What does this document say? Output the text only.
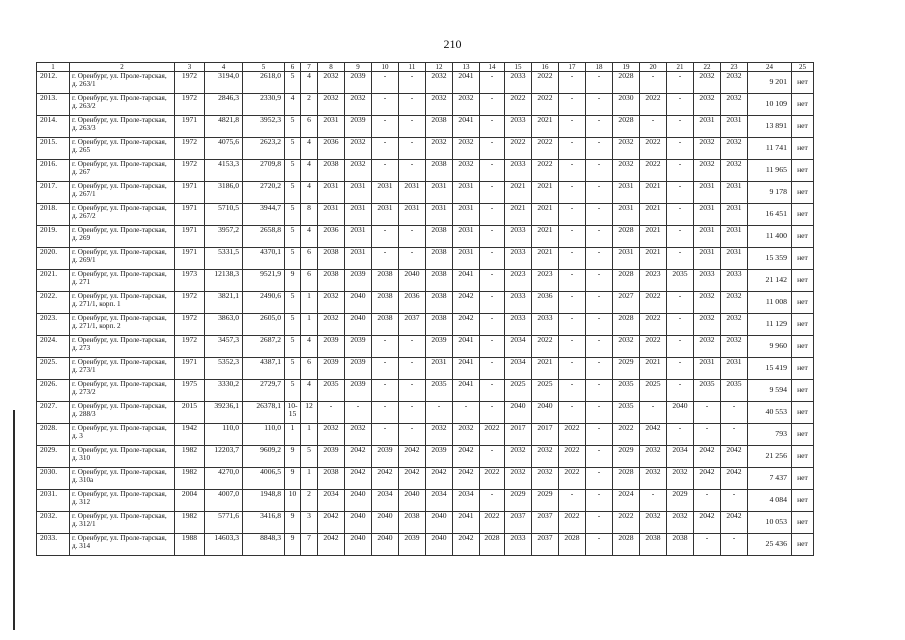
210
1	2	3	4	5	6	7	8	9	10	11	12	13	14	15	16	17	18	19	20	21	22	23	24	25
2012.	г. Оренбург, ул. Проле-тарская, д. 263/1	1972	3194,0	2618,0	5	4	2032	2039	-	-	2032	2041	-	2033	2022	-	-	2028	-	-	2032	2032	9 201	нет
2013.	г. Оренбург, ул. Проле-тарская, д. 263/2	1972	2846,3	2330,9	4	2	2032	2032	-	-	2032	2032	-	2022	2022	-	-	2030	2022	-	2032	2032	10 109	нет
2014.	г. Оренбург, ул. Проле-тарская, д. 263/3	1971	4821,8	3952,3	5	6	2031	2039	-	-	2038	2041	-	2033	2021	-	-	2028	-	-	2031	2031	13 891	нет
2015.	г. Оренбург, ул. Проле-тарская, д. 265	1972	4075,6	2623,2	5	4	2036	2032	-	-	2032	2032	-	2022	2022	-	-	2032	2022	-	2032	2032	11 741	нет
2016.	г. Оренбург, ул. Проле-тарская, д. 267	1972	4153,3	2709,8	5	4	2038	2032	-	-	2038	2032	-	2033	2022	-	-	2032	2022	-	2032	2032	11 965	нет
2017.	г. Оренбург, ул. Проле-тарская, д. 267/1	1971	3186,0	2720,2	5	4	2031	2031	2031	2031	2031	2031	-	2021	2021	-	-	2031	2021	-	2031	2031	9 178	нет
2018.	г. Оренбург, ул. Проле-тарская, д. 267/2	1971	5710,5	3944,7	5	8	2031	2031	2031	2031	2031	2031	-	2021	2021	-	-	2031	2021	-	2031	2031	16 451	нет
2019.	г. Оренбург, ул. Проле-тарская, д. 269	1971	3957,2	2658,8	5	4	2036	2031	-	-	2038	2031	-	2033	2021	-	-	2028	2021	-	2031	2031	11 400	нет
2020.	г. Оренбург, ул. Проле-тарская, д. 269/1	1971	5331,5	4370,1	5	6	2038	2031	-	-	2038	2031	-	2033	2021	-	-	2031	2021	-	2031	2031	15 359	нет
2021.	г. Оренбург, ул. Проле-тарская, д. 271	1973	12138,3	9521,9	9	6	2038	2039	2038	2040	2038	2041	-	2023	2023	-	-	2028	2023	2035	2033	2033	21 142	нет
2022.	г. Оренбург, ул. Проле-тарская, д. 271/1, корп. 1	1972	3821,1	2490,6	5	1	2032	2040	2038	2036	2038	2042	-	2033	2036	-	-	2027	2022	-	2032	2032	11 008	нет
2023.	г. Оренбург, ул. Проле-тарская, д. 271/1, корп. 2	1972	3863,0	2605,0	5	1	2032	2040	2038	2037	2038	2042	-	2033	2033	-	-	2028	2022	-	2032	2032	11 129	нет
2024.	г. Оренбург, ул. Проле-тарская, д. 273	1972	3457,3	2687,2	5	4	2039	2039	-	-	2039	2041	-	2034	2022	-	-	2032	2022	-	2032	2032	9 960	нет
2025.	г. Оренбург, ул. Проле-тарская, д. 273/1	1971	5352,3	4387,1	5	6	2039	2039	-	-	2031	2041	-	2034	2021	-	-	2029	2021	-	2031	2031	15 419	нет
2026.	г. Оренбург, ул. Проле-тарская, д. 273/2	1975	3330,2	2729,7	5	4	2035	2039	-	-	2035	2041	-	2025	2025	-	-	2035	2025	-	2035	2035	9 594	нет
2027.	г. Оренбург, ул. Проле-тарская, д. 288/3	2015	39236,1	26378,1	10-15	12	-	-	-	-	-	-	-	2040	2040	-	-	2035	-	2040	-	-	40 553	нет
2028.	г. Оренбург, ул. Проле-тарская, д. 3	1942	110,0	110,0	1	1	2032	2032	-	-	2032	2032	2022	2017	2017	2022	-	2022	2042	-	-	-	793	нет
2029.	г. Оренбург, ул. Проле-тарская, д. 310	1982	12203,7	9609,2	9	5	2039	2042	2039	2042	2039	2042	-	2032	2032	2022	-	2029	2032	2034	2042	2042	21 256	нет
2030.	г. Оренбург, ул. Проле-тарская, д. 310а	1982	4270,0	4006,5	9	1	2038	2042	2042	2042	2042	2042	2022	2032	2032	2022	-	2028	2032	2032	2042	2042	7 437	нет
2031.	г. Оренбург, ул. Проле-тарская, д. 312	2004	4007,0	1948,8	10	2	2034	2040	2034	2040	2034	2034	-	2029	2029	-	-	2024	-	2029	-	-	4 084	нет
2032.	г. Оренбург, ул. Проле-тарская, д. 312/1	1982	5771,6	3416,8	9	3	2042	2040	2040	2038	2040	2041	2022	2037	2037	2022	-	2022	2032	2032	2042	2042	10 053	нет
2033.	г. Оренбург, ул. Проле-тарская, д. 314	1988	14603,3	8848,3	9	7	2042	2040	2040	2039	2040	2042	2028	2033	2037	2028	-	2028	2038	2038	-	-	25 436	нет
